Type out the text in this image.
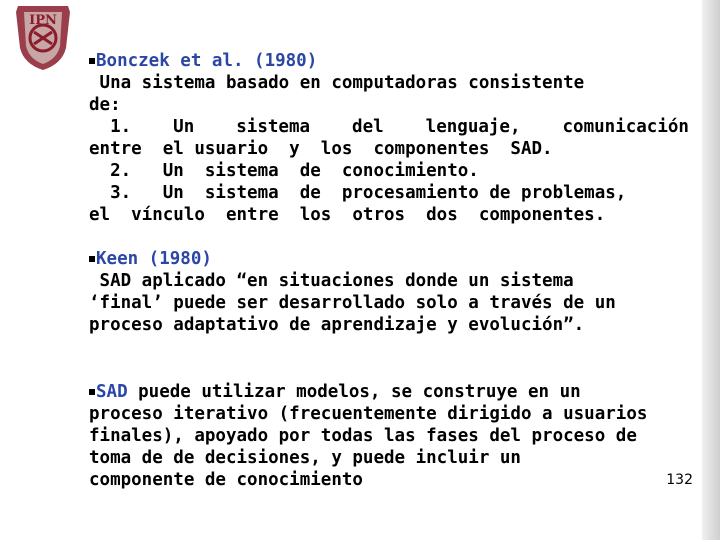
IPN

Bonczek et al. (1980)

Una sistema basado en computadoras consistente

de:

1. Un sistema del lenguaje, comunicación

entre  el usuario  y  los  componentes  SAD.

2.   Un  sistema  de  conocimiento.

3.   Un  sistema  de  procesamiento de problemas,

el  vínculo  entre  los  otros  dos  componentes.

Keen (1980)

SAD aplicado “en situaciones donde un sistema

‘final’ puede ser desarrollado solo a través de un

proceso adaptativo de aprendizaje y evolución”.

SAD puede utilizar modelos, se construye en un

proceso iterativo (frecuentemente dirigido a usuarios

finales), apoyado por todas las fases del proceso de

toma de de decisiones, y puede incluir un

componente de conocimiento	132
